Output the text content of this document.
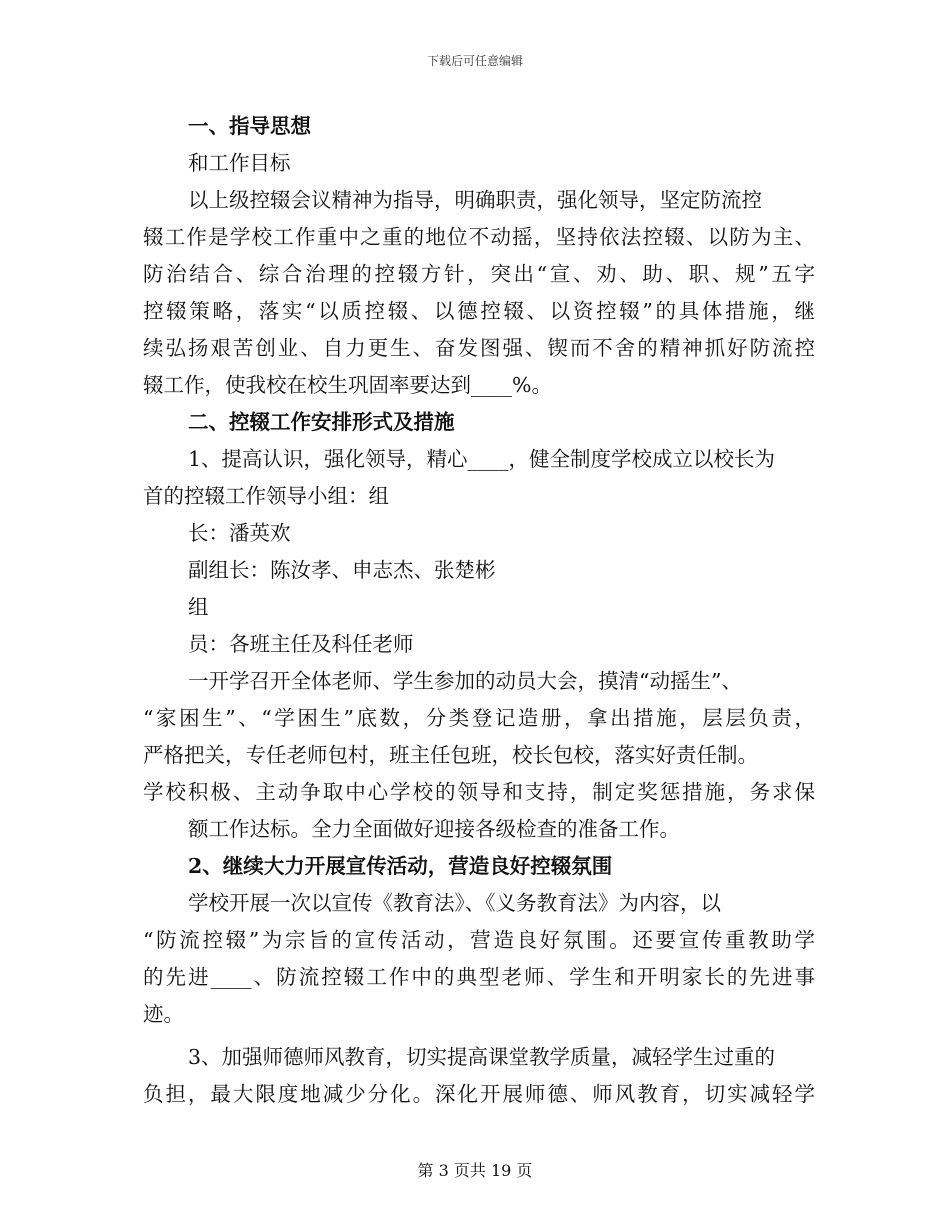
下载后可任意编辑
一、指导思想
和工作目标
以上级控辍会议精神为指导，明确职责，强化领导，坚定防流控
辍工作是学校工作重中之重的地位不动摇，坚持依法控辍、以防为主、
防治结合、综合治理的控辍方针，突出“宣、劝、助、职、规”五字
控辍策略，落实“以质控辍、以德控辍、以资控辍”的具体措施，继
续弘扬艰苦创业、自力更生、奋发图强、锲而不舍的精神抓好防流控
辍工作，使我校在校生巩固率要达到____%。
二、控辍工作安排形式及措施
1、提高认识，强化领导，精心____，健全制度学校成立以校长为
首的控辍工作领导小组：组
长：潘英欢
副组长：陈汝孝、申志杰、张楚彬
组
员：各班主任及科任老师
一开学召开全体老师、学生参加的动员大会，摸清“动摇生”、
“家困生”、“学困生”底数，分类登记造册，拿出措施，层层负责，
严格把关，专任老师包村，班主任包班，校长包校，落实好责任制。
学校积极、主动争取中心学校的领导和支持，制定奖惩措施，务求保
额工作达标。全力全面做好迎接各级检查的准备工作。
2、继续大力开展宣传活动，营造良好控辍氛围
学校开展一次以宣传《教育法》、《义务教育法》为内容，以
“防流控辍”为宗旨的宣传活动，营造良好氛围。还要宣传重教助学
的先进____、防流控辍工作中的典型老师、学生和开明家长的先进事
迹。
3、加强师德师风教育，切实提高课堂教学质量，减轻学生过重的
负担，最大限度地减少分化。深化开展师德、师风教育，切实减轻学
第 3 页共 19 页
